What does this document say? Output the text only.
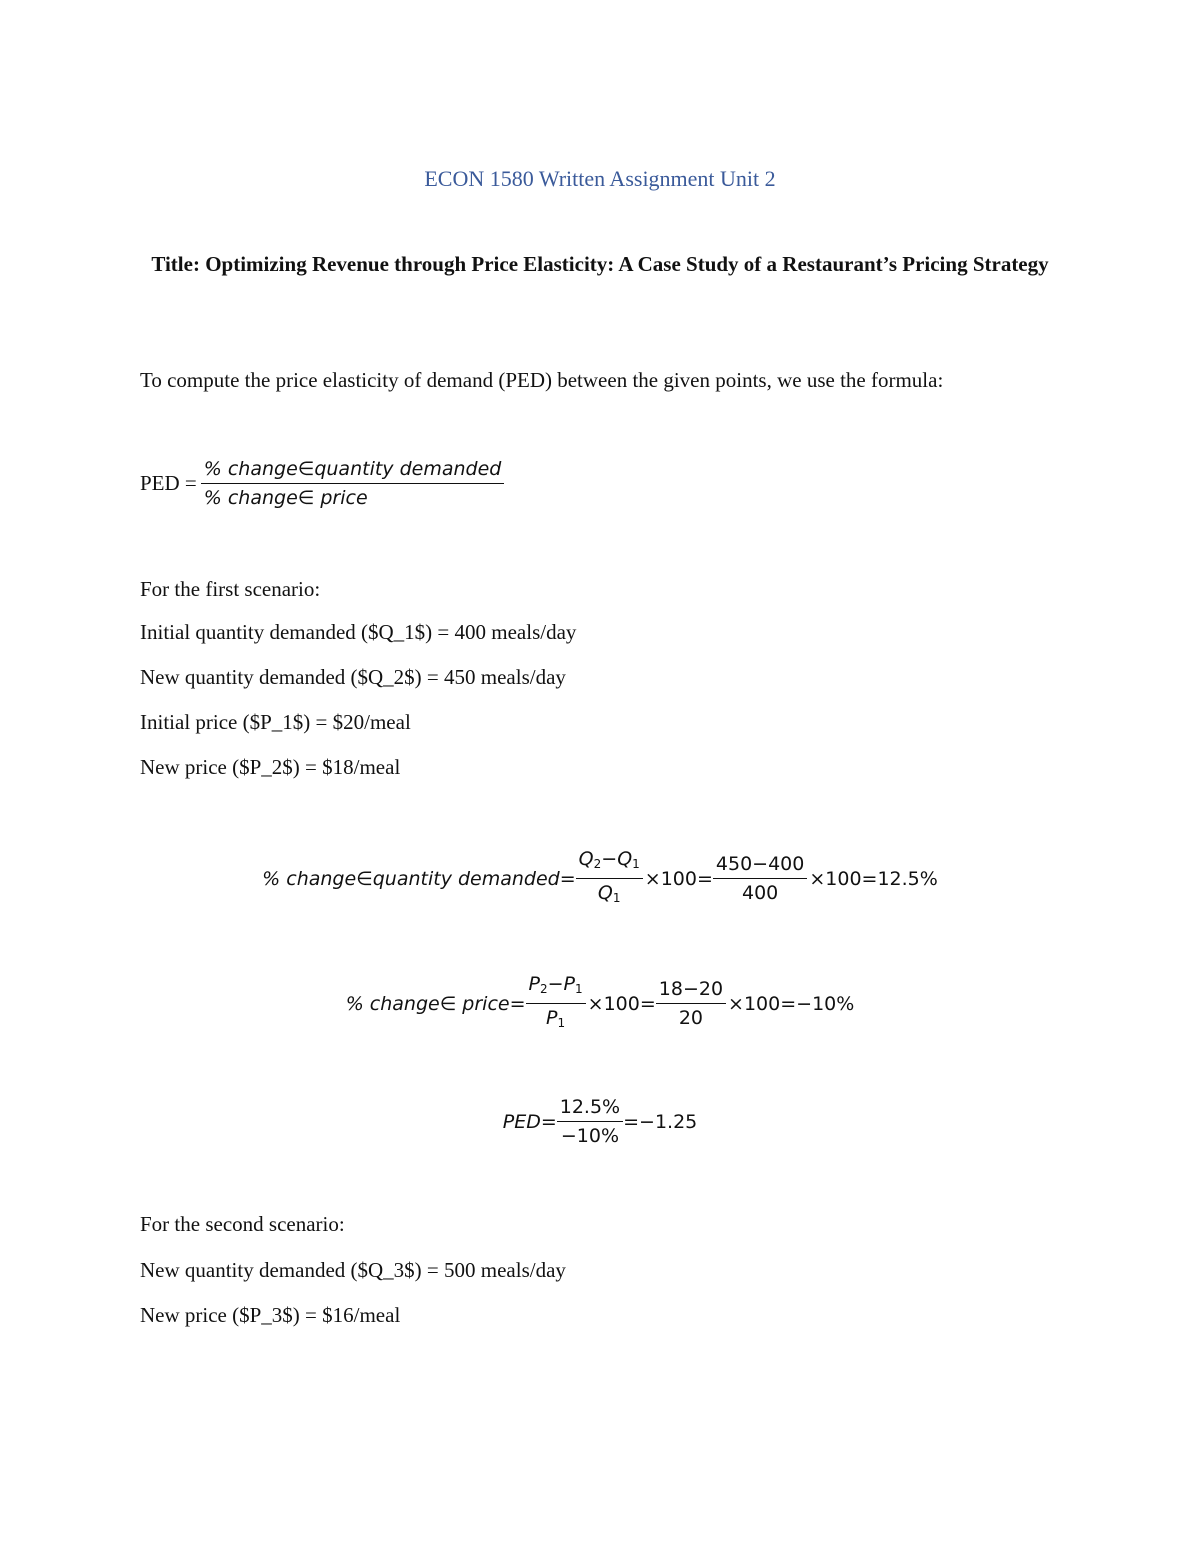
ECON 1580 Written Assignment Unit 2
Title: Optimizing Revenue through Price Elasticity: A Case Study of a Restaurant’s Pricing Strategy
To compute the price elasticity of demand (PED) between the given points, we use the formula:
PED = $\frac{\text{\% change∈quantity demanded}}{\text{\% change∈ price}}$
For the first scenario:
Initial quantity demanded ($Q_1$) = 400 meals/day
New quantity demanded ($Q_2$) = 450 meals/day
Initial price ($P_1$) = $20/meal
New price ($P_2$) = $18/meal
% change∈quantity demanded = $\frac{Q_2-Q_1}{Q_1} \times 100 = \frac{450-400}{400} \times 100 = 12.5\%$
% change∈ price = $\frac{P_2-P_1}{P_1} \times 100 = \frac{18-20}{20} \times 100 = -10\%$
PED = $\frac{12.5\%}{-10\%} = -1.25$
For the second scenario:
New quantity demanded ($Q_3$) = 500 meals/day
New price ($P_3$) = $16/meal
